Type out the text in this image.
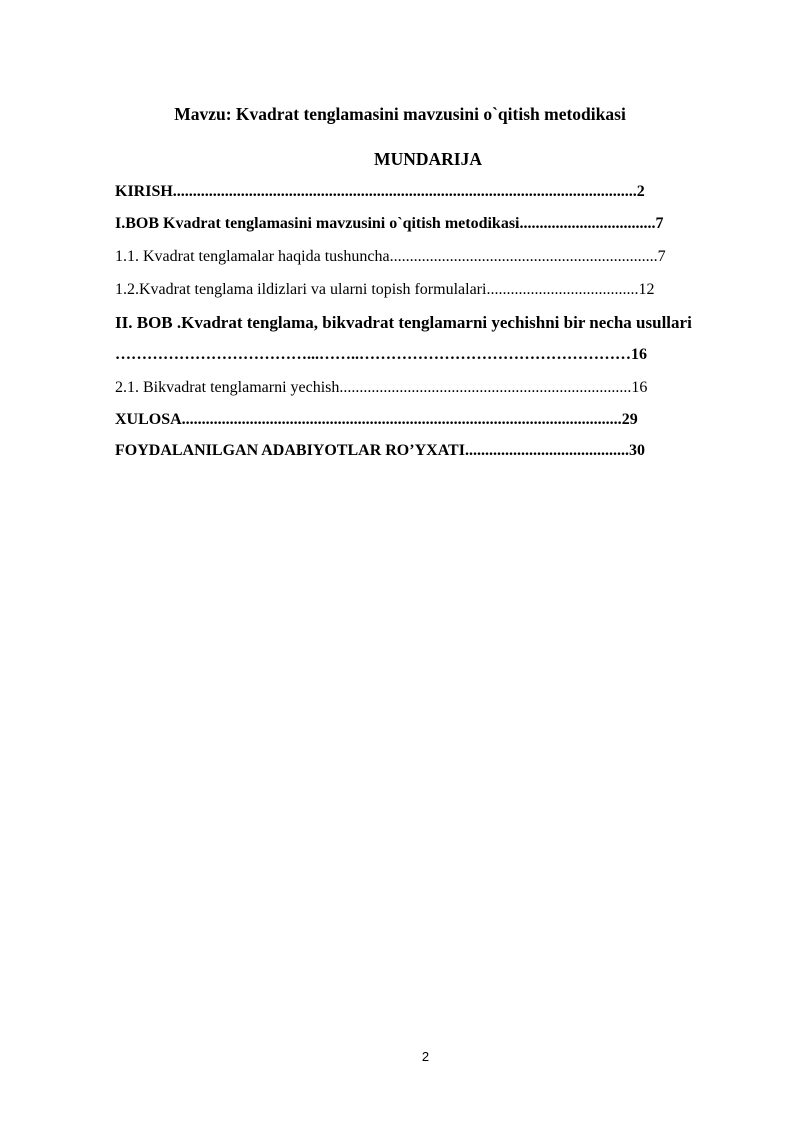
Mavzu: Kvadrat tenglamasini mavzusini o`qitish metodikasi
MUNDARIJA
KIRISH....................................................................................................................2
I.BOB Kvadrat tenglamasini mavzusini o`qitish metodikasi..................................7
1.1. Kvadrat tenglamalar haqida tushuncha...................................................................7
1.2.Kvadrat tenglama ildizlari va ularni topish formulalari......................................12
II. BOB .Kvadrat tenglama, bikvadrat tenglamarni yechishni bir necha usullari
………………………………...……..……………………………………………16
2.1. Bikvadrat tenglamarni yechish.........................................................................16
XULOSA..............................................................................................................29
FOYDALANILGAN ADABIYOTLAR RO’YXATI.........................................30
2
